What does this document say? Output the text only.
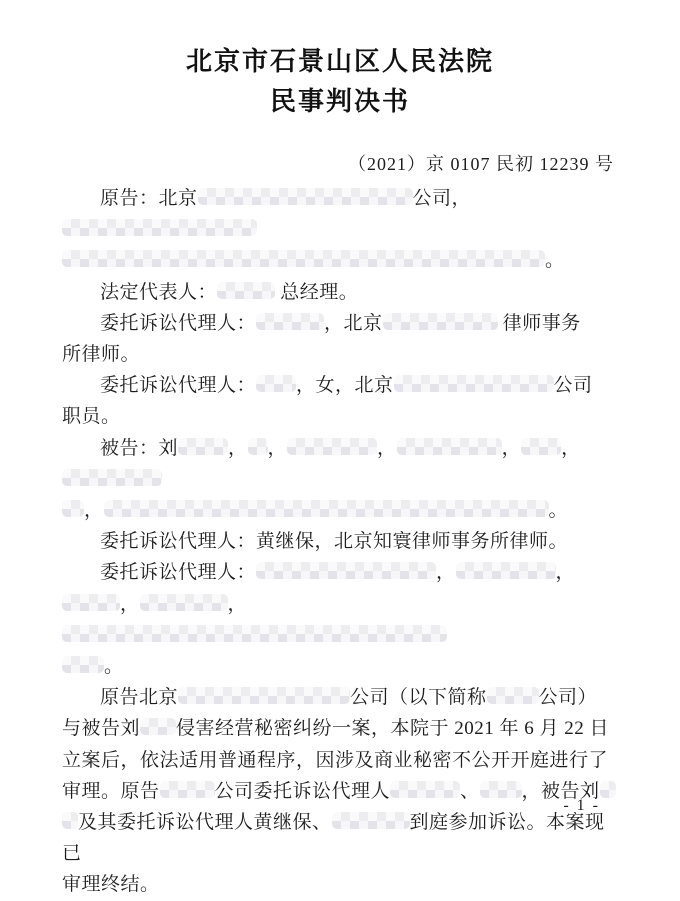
北京市石景山区人民法院
民事判决书
（2021）京 0107 民初 12239 号
原告：北京	公司，
。
法定代表人：	总经理。
委托诉讼代理人：	，北京	律师事务
所律师。
委托诉讼代理人： ，女，北京	公司
职员。
被告：刘	， ，	，	， ，
，	。
委托诉讼代理人：黄继保，北京知寰律师事务所律师。
委托诉讼代理人：	，	，
，	，
。
原告北京	公司（以下简称	公司）
与被告刘 侵害经营秘密纠纷一案，本院于 2021 年 6 月 22 日
立案后，依法适用普通程序，因涉及商业秘密不公开开庭进行了
审理。原告	公司委托诉讼代理人	、 ，被告刘
及其委托诉讼代理人黄继保、	到庭参加诉讼。本案现已
审理终结。
- 1 -
